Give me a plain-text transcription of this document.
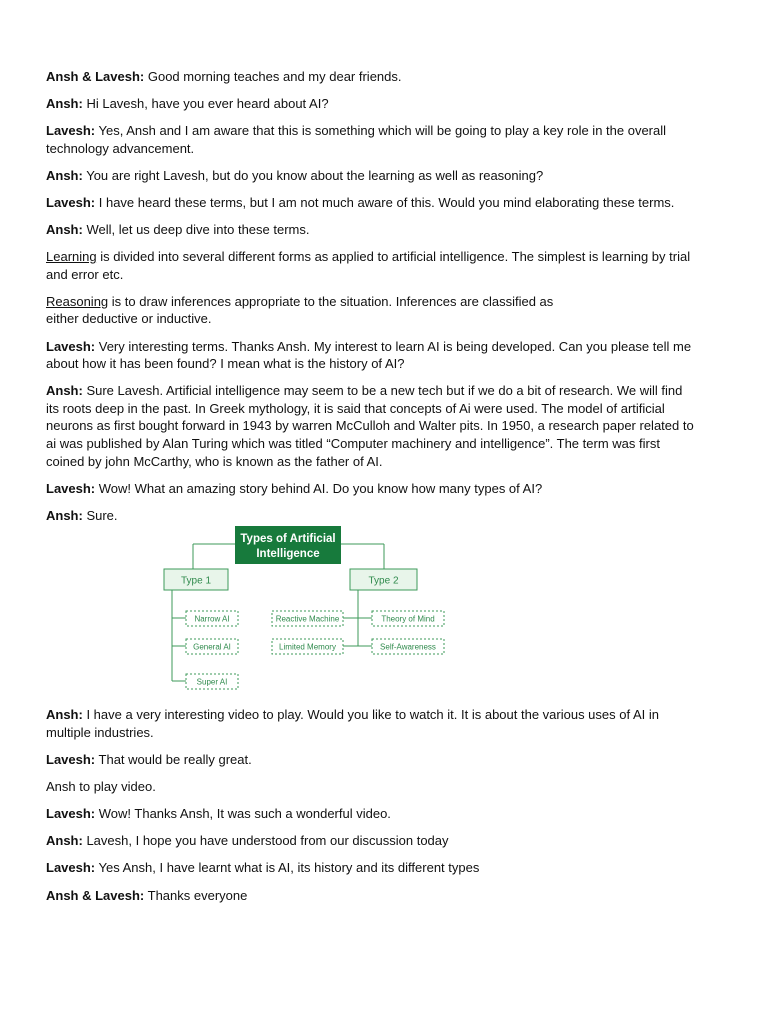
Ansh & Lavesh: Good morning teaches and my dear friends.

Ansh: Hi Lavesh, have you ever heard about AI?

Lavesh: Yes, Ansh and I am aware that this is something which will be going to play a key role in the overall technology advancement.

Ansh: You are right Lavesh, but do you know about the learning as well as reasoning?

Lavesh: I have heard these terms, but I am not much aware of this. Would you mind elaborating these terms.

Ansh: Well, let us deep dive into these terms.

Learning is divided into several different forms as applied to artificial intelligence. The simplest is learning by trial and error etc.

Reasoning is to draw inferences appropriate to the situation. Inferences are classified as
either deductive or inductive.

Lavesh: Very interesting terms. Thanks Ansh. My interest to learn AI is being developed. Can you please tell me about how it has been found? I mean what is the history of AI?

Ansh: Sure Lavesh. Artificial intelligence may seem to be a new tech but if we do a bit of research. We will find its roots deep in the past. In Greek mythology, it is said that concepts of Ai were used. The model of artificial neurons as first bought forward in 1943 by warren McCulloh and Walter pits. In 1950, a research paper related to ai was published by Alan Turing which was titled “Computer machinery and intelligence”. The term was first coined by john McCarthy, who is known as the father of AI.

Lavesh: Wow! What an amazing story behind AI. Do you know how many types of AI?

Ansh: Sure.

Types of Artificial
Intelligence
Type 1	Type 2
Narrow AI
General AI
Super AI
Reactive Machine
Limited Memory
Theory of Mind
Self-Awareness

Ansh: I have a very interesting video to play. Would you like to watch it. It is about the various uses of AI in multiple industries.

Lavesh: That would be really great.

Ansh to play video.

Lavesh: Wow! Thanks Ansh, It was such a wonderful video.

Ansh: Lavesh, I hope you have understood from our discussion today

Lavesh: Yes Ansh, I have learnt what is AI, its history and its different types

Ansh & Lavesh: Thanks everyone
